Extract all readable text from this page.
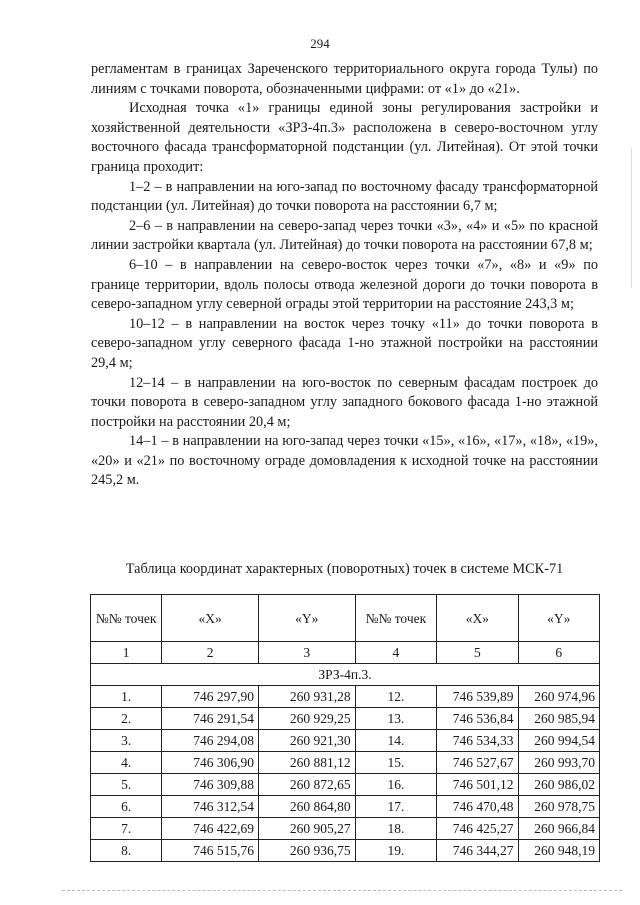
294

регламентам в границах Зареченского территориального округа города Тулы) по линиям с точками поворота, обозначенными цифрами: от «1» до «21».

Исходная точка «1» границы единой зоны регулирования застройки и хозяйственной деятельности «ЗРЗ-4п.3» расположена в северо-восточном углу восточного фасада трансформаторной подстанции (ул. Литейная). От этой точки граница проходит:

1–2 – в направлении на юго-запад по восточному фасаду трансформаторной подстанции (ул. Литейная) до точки поворота на расстоянии 6,7 м;

2–6 – в направлении на северо-запад через точки «3», «4» и «5» по красной линии застройки квартала (ул. Литейная) до точки поворота на расстоянии 67,8 м;

6–10 – в направлении на северо-восток через точки «7», «8» и «9» по границе территории, вдоль полосы отвода железной дороги до точки поворота в северо-западном углу северной ограды этой территории на расстояние 243,3 м;

10–12 – в направлении на восток через точку «11» до точки поворота в северо-западном углу северного фасада 1-но этажной постройки на расстоянии 29,4 м;

12–14 – в направлении на юго-восток по северным фасадам построек до точки поворота в северо-западном углу западного бокового фасада 1-но этажной постройки на расстоянии 20,4 м;

14–1 – в направлении на юго-запад через точки «15», «16», «17», «18», «19», «20» и «21» по восточному ограде домовладения к исходной точке на расстоянии 245,2 м.

Таблица координат характерных (поворотных) точек в системе МСК-71
№№ точек	«X»	«Y»	№№ точек	«X»	«Y»
1	2	3	4	5	6
ЗРЗ-4п.3.					
1.	746 297,90	260 931,28	12.	746 539,89	260 974,96
2.	746 291,54	260 929,25	13.	746 536,84	260 985,94
3.	746 294,08	260 921,30	14.	746 534,33	260 994,54
4.	746 306,90	260 881,12	15.	746 527,67	260 993,70
5.	746 309,88	260 872,65	16.	746 501,12	260 986,02
6.	746 312,54	260 864,80	17.	746 470,48	260 978,75
7.	746 422,69	260 905,27	18.	746 425,27	260 966,84
8.	746 515,76	260 936,75	19.	746 344,27	260 948,19
